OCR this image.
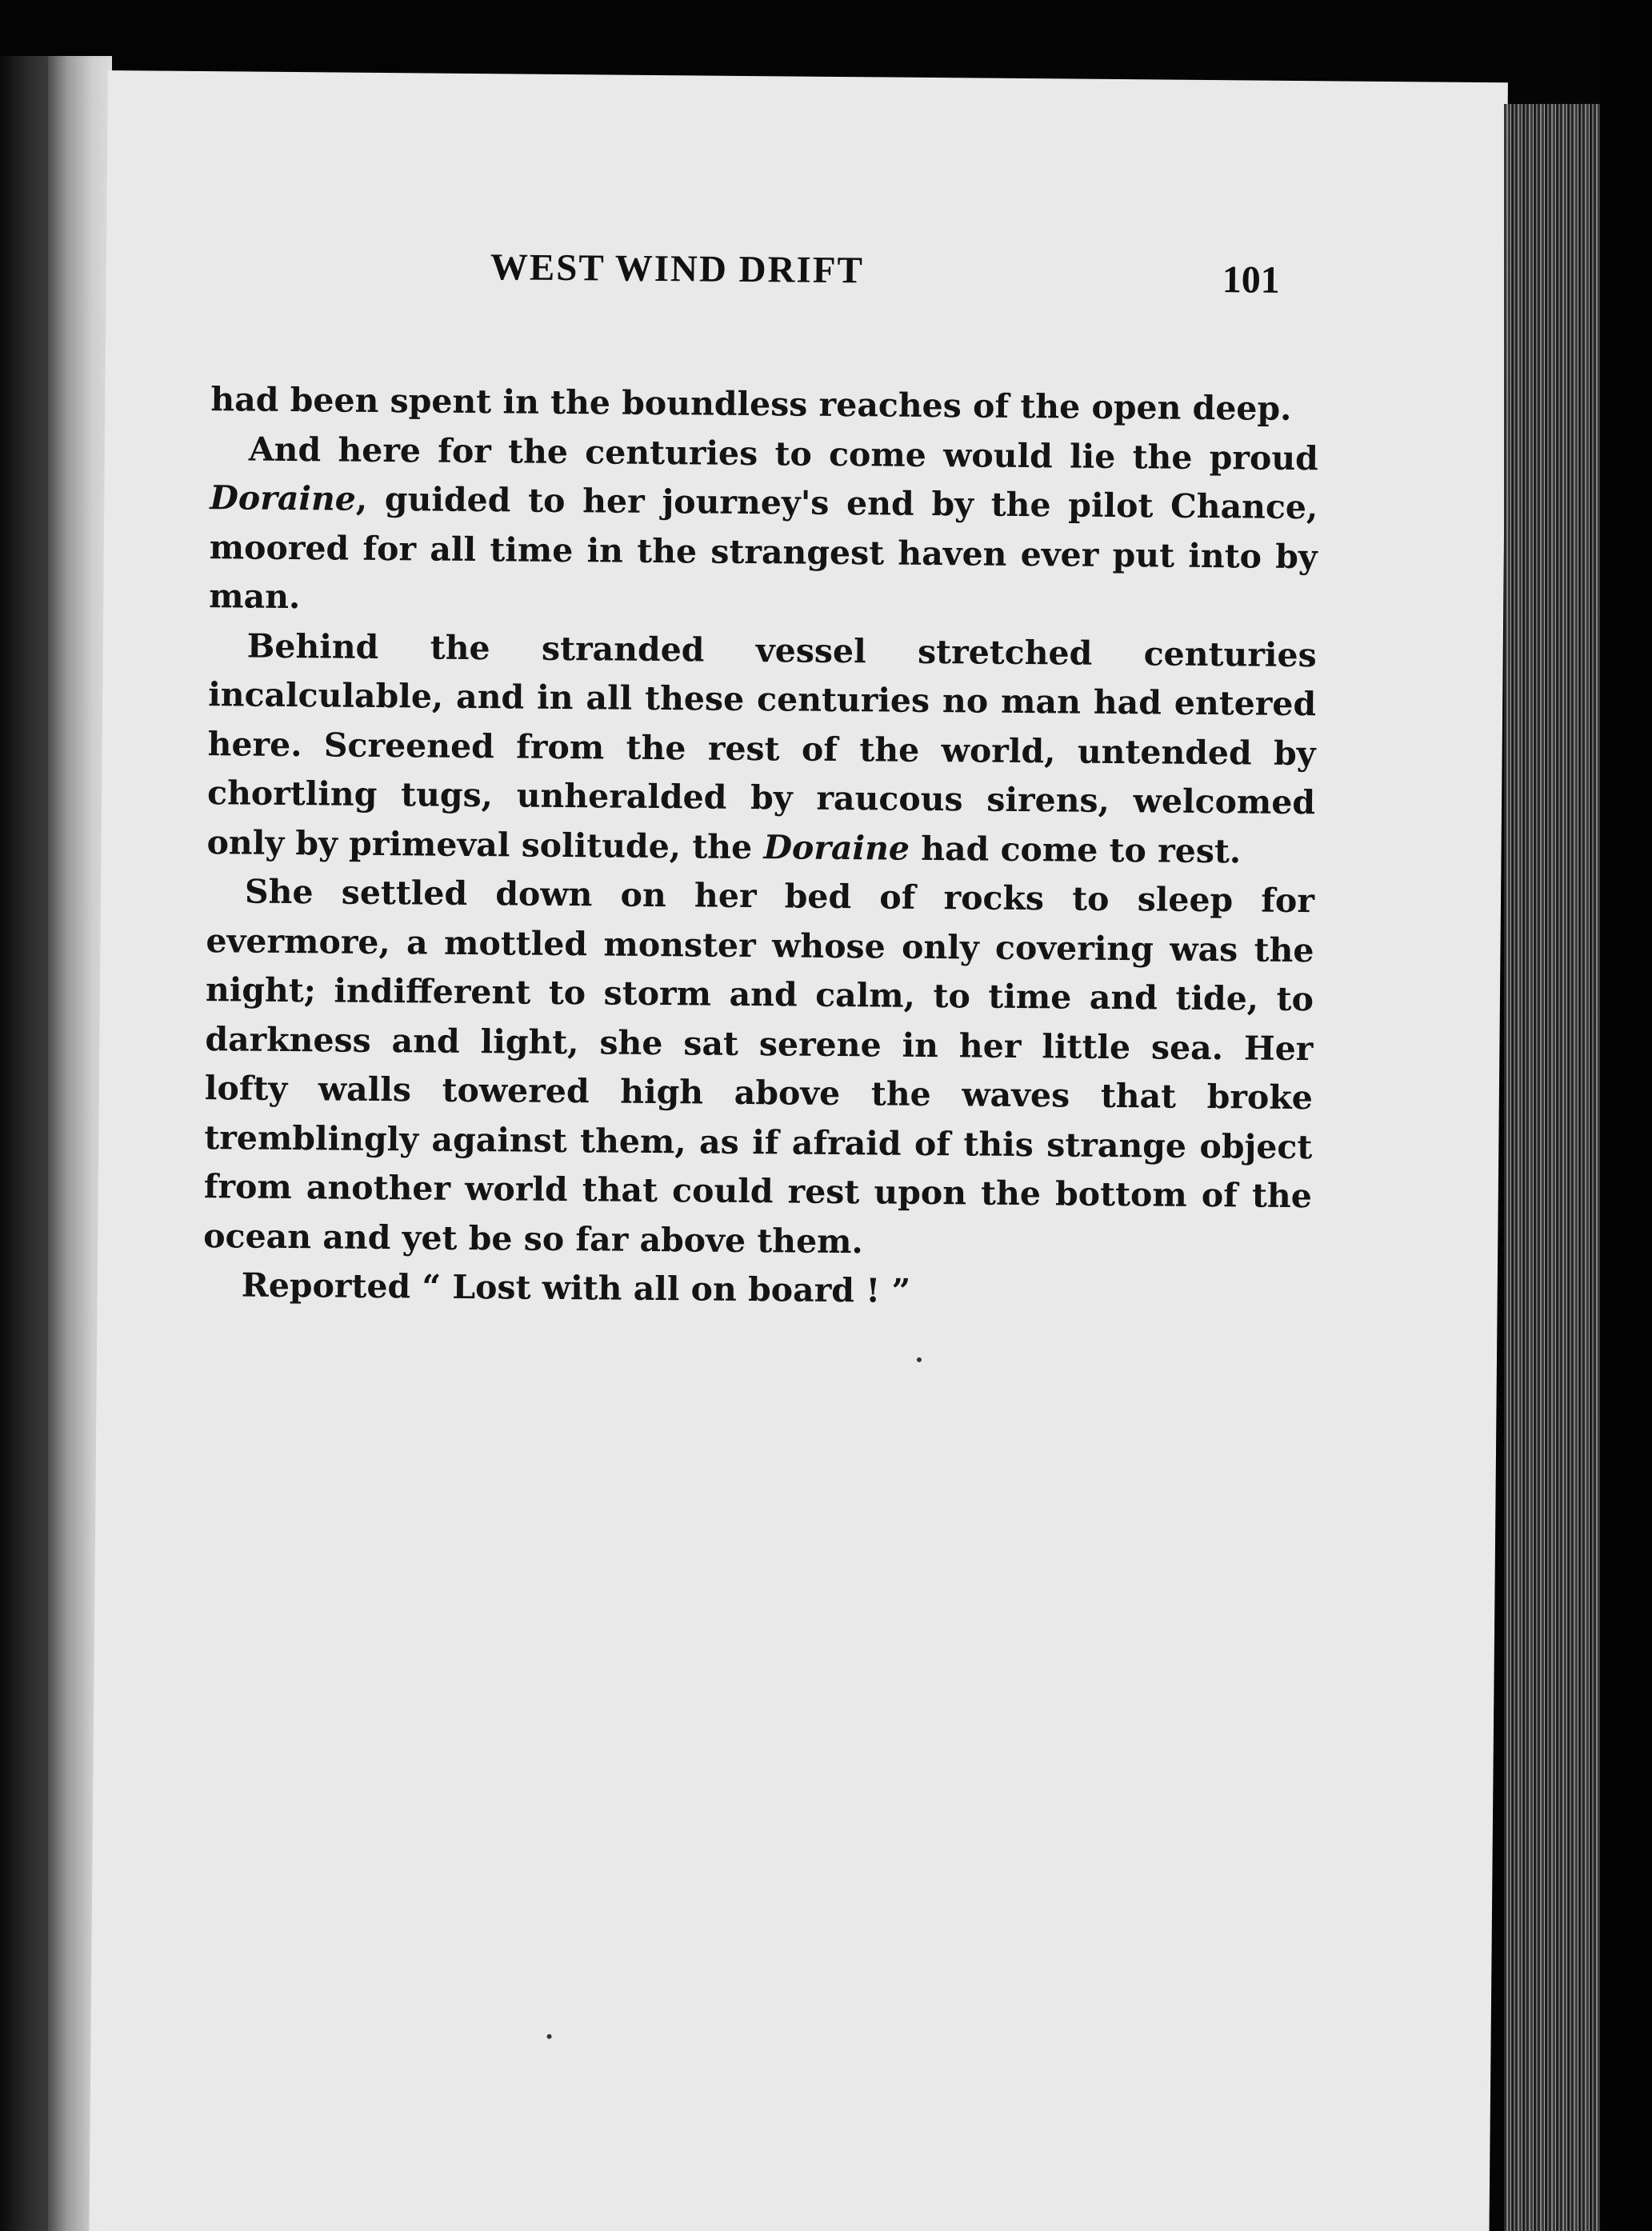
WEST WIND DRIFT	101

had been spent in the boundless reaches of the open deep.

And here for the centuries to come would lie the proud Doraine, guided to her journey's end by the pilot Chance, moored for all time in the strangest haven ever put into by man.

Behind the stranded vessel stretched centuries incalculable, and in all these centuries no man had entered here. Screened from the rest of the world, untended by chortling tugs, unheralded by raucous sirens, welcomed only by primeval solitude, the Doraine had come to rest.

She settled down on her bed of rocks to sleep for evermore, a mottled monster whose only covering was the night; indifferent to storm and calm, to time and tide, to darkness and light, she sat serene in her little sea. Her lofty walls towered high above the waves that broke tremblingly against them, as if afraid of this strange object from another world that could rest upon the bottom of the ocean and yet be so far above them.

Reported “ Lost with all on board ! ”
